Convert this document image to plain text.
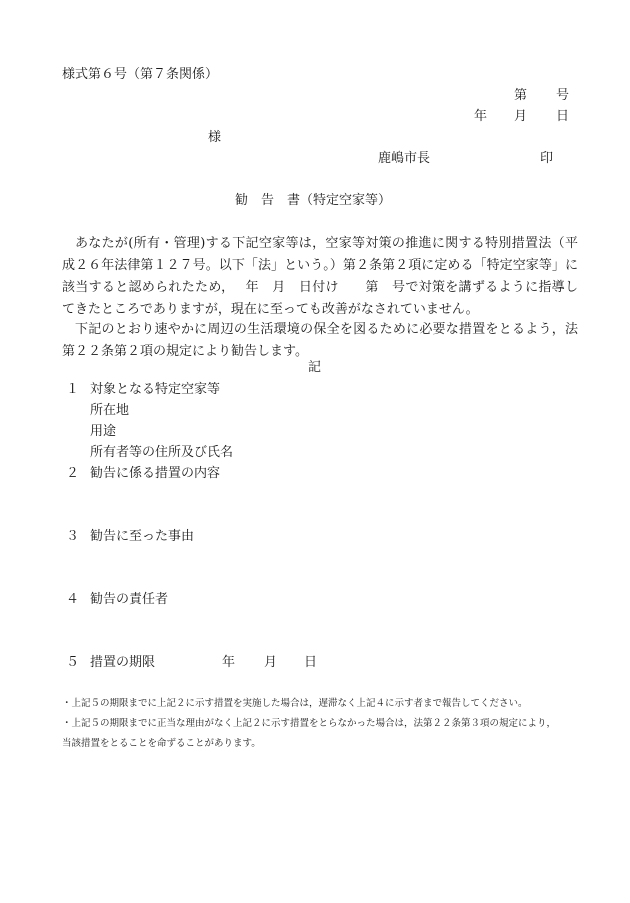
様式第６号（第７条関係）
第 号
年 月 日
様
鹿嶋市長	印
勧　告　書（特定空家等）
あなたが(所有・管理)する下記空家等は，空家等対策の推進に関する特別措置法（平成２６年法律第１２７号。以下「法」という。）第２条第２項に定める「特定空家等」に該当すると認められたため，　 年　月　日付け　　第　号で対策を講ずるように指導してきたところでありますが，現在に至っても改善がなされていません。
下記のとおり速やかに周辺の生活環境の保全を図るために必要な措置をとるよう，法第２２条第２項の規定により勧告します。
記
１ 対象となる特定空家等
所在地
用途
所有者等の住所及び氏名
２ 勧告に係る措置の内容
３ 勧告に至った事由
４ 勧告の責任者
５ 措置の期限	年 月 日
・上記５の期限までに上記２に示す措置を実施した場合は，遅滞なく上記４に示す者まで報告してください。
・上記５の期限までに正当な理由がなく上記２に示す措置をとらなかった場合は，法第２２条第３項の規定により，
当該措置をとることを命ずることがあります。
